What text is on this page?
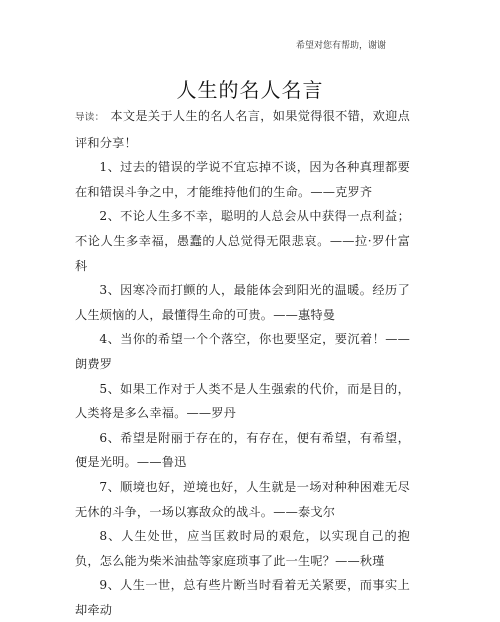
希望对您有帮助，谢谢
人生的名人名言

导读： 本文是关于人生的名人名言，如果觉得很不错，欢迎点评和分享！

1、过去的错误的学说不宜忘掉不谈，因为各种真理都要在和错误斗争之中，才能维持他们的生命。——克罗齐

2、不论人生多不幸，聪明的人总会从中获得一点利益；不论人生多幸福，愚蠢的人总觉得无限悲哀。——拉·罗什富科

3、因寒冷而打颤的人，最能体会到阳光的温暖。经历了人生烦恼的人，最懂得生命的可贵。——惠特曼

4、当你的希望一个个落空，你也要坚定，要沉着！——朗费罗

5、如果工作对于人类不是人生强索的代价，而是目的，人类将是多么幸福。——罗丹

6、希望是附丽于存在的，有存在，便有希望，有希望，便是光明。——鲁迅

7、顺境也好，逆境也好，人生就是一场对种种困难无尽无休的斗争，一场以寡敌众的战斗。——泰戈尔

8、人生处世，应当匡救时局的艰危，以实现自己的抱负，怎么能为柴米油盐等家庭琐事了此一生呢？——秋瑾

9、人生一世，总有些片断当时看着无关紧要，而事实上却牵动
